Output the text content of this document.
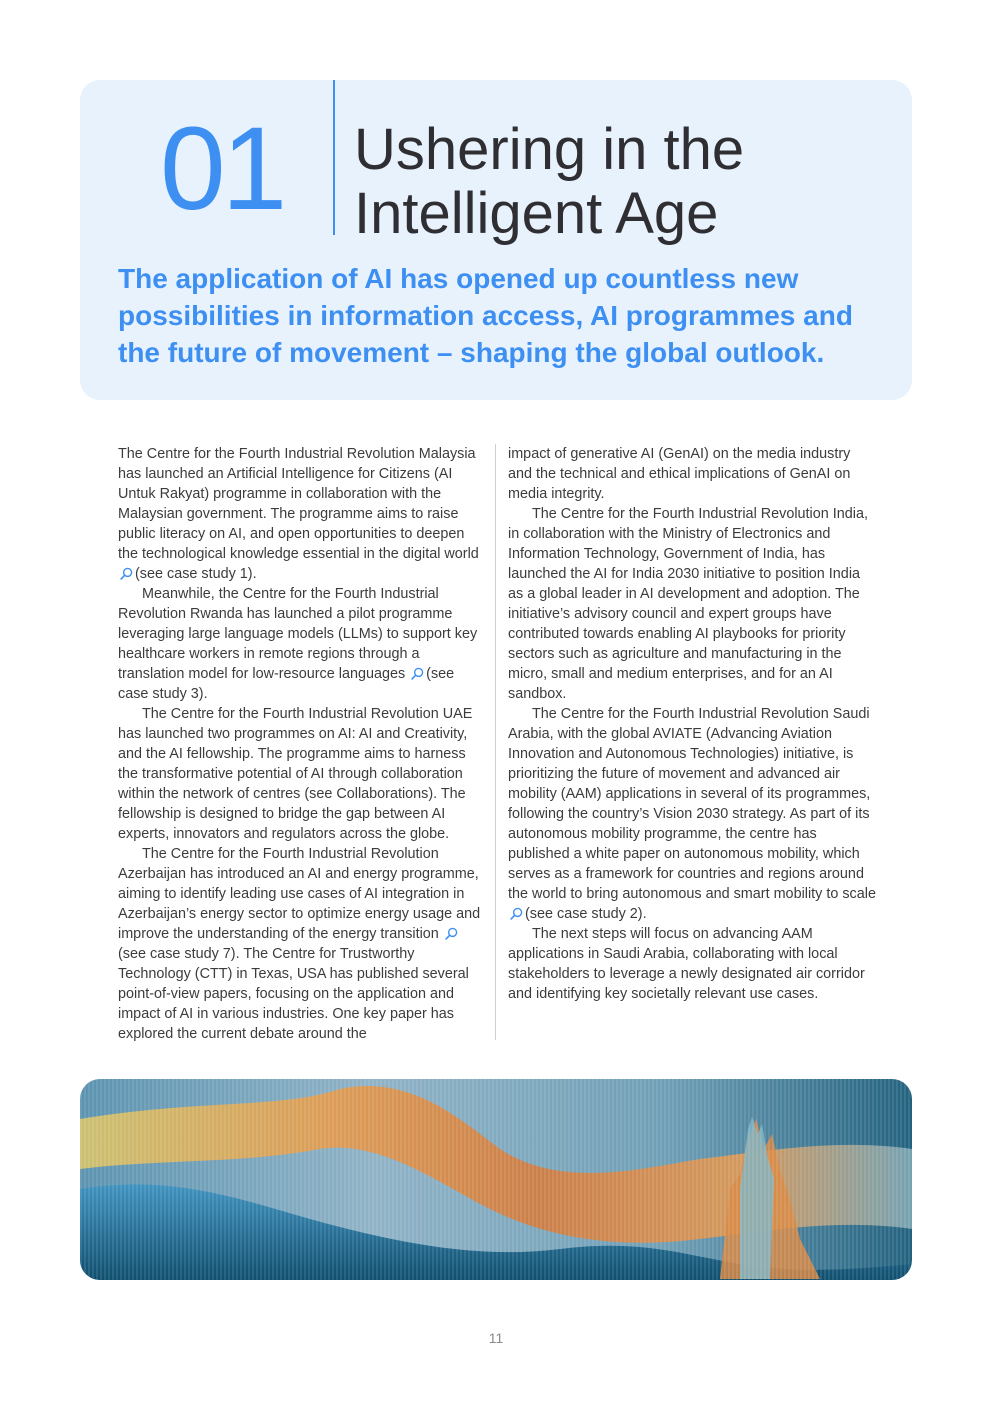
01 Ushering in the
Intelligent Age

The application of AI has opened up countless new possibilities in information access, AI programmes and the future of movement – shaping the global outlook.

The Centre for the Fourth Industrial Revolution Malaysia has launched an Artificial Intelligence for Citizens (AI Untuk Rakyat) programme in collaboration with the Malaysian government. The programme aims to raise public literacy on AI, and open opportunities to deepen the technological knowledge essential in the digital world (see case study 1).

Meanwhile, the Centre for the Fourth Industrial Revolution Rwanda has launched a pilot programme leveraging large language models (LLMs) to support key healthcare workers in remote regions through a translation model for low-resource languages (see case study 3).

The Centre for the Fourth Industrial Revolution UAE has launched two programmes on AI: AI and Creativity, and the AI fellowship. The programme aims to harness the transformative potential of AI through collaboration within the network of centres (see Collaborations). The fellowship is designed to bridge the gap between AI experts, innovators and regulators across the globe.

The Centre for the Fourth Industrial Revolution Azerbaijan has introduced an AI and energy programme, aiming to identify leading use cases of AI integration in Azerbaijan’s energy sector to optimize energy usage and improve the understanding of the energy transition (see case study 7). The Centre for Trustworthy Technology (CTT) in Texas, USA has published several point-of-view papers, focusing on the application and impact of AI in various industries. One key paper has explored the current debate around the

impact of generative AI (GenAI) on the media industry and the technical and ethical implications of GenAI on media integrity.

The Centre for the Fourth Industrial Revolution India, in collaboration with the Ministry of Electronics and Information Technology, Government of India, has launched the AI for India 2030 initiative to position India as a global leader in AI development and adoption. The initiative’s advisory council and expert groups have contributed towards enabling AI playbooks for priority sectors such as agriculture and manufacturing in the micro, small and medium enterprises, and for an AI sandbox.

The Centre for the Fourth Industrial Revolution Saudi Arabia, with the global AVIATE (Advancing Aviation Innovation and Autonomous Technologies) initiative, is prioritizing the future of movement and advanced air mobility (AAM) applications in several of its programmes, following the country’s Vision 2030 strategy. As part of its autonomous mobility programme, the centre has published a white paper on autonomous mobility, which serves as a framework for countries and regions around the world to bring autonomous and smart mobility to scale (see case study 2).

The next steps will focus on advancing AAM applications in Saudi Arabia, collaborating with local stakeholders to leverage a newly designated air corridor and identifying key societally relevant use cases.

11
